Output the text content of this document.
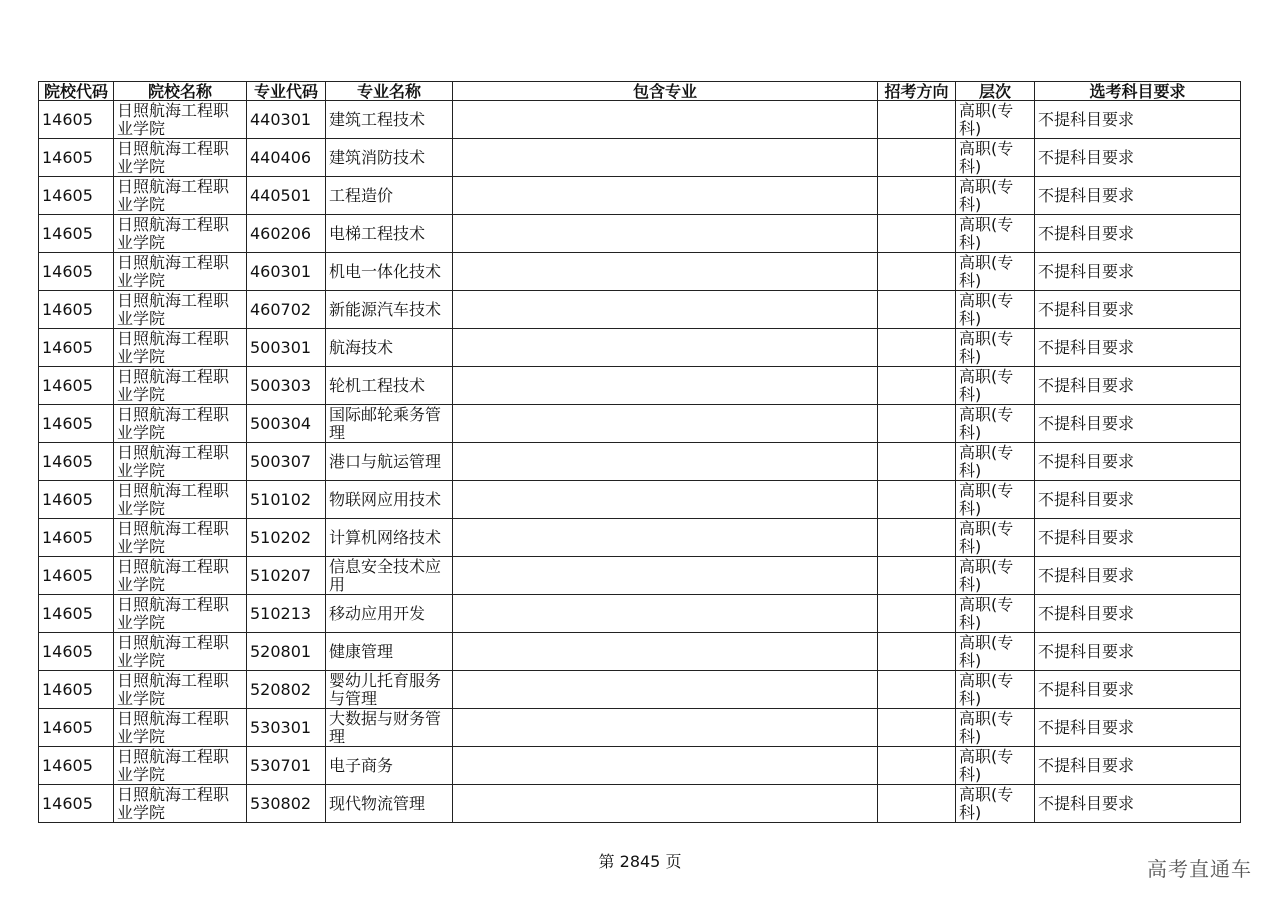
院校代码	院校名称	专业代码	专业名称	包含专业	招考方向	层次	选考科目要求
14605	日照航海工程职业学院	440301	建筑工程技术			高职(专科)	不提科目要求
14605	日照航海工程职业学院	440406	建筑消防技术			高职(专科)	不提科目要求
14605	日照航海工程职业学院	440501	工程造价			高职(专科)	不提科目要求
14605	日照航海工程职业学院	460206	电梯工程技术			高职(专科)	不提科目要求
14605	日照航海工程职业学院	460301	机电一体化技术			高职(专科)	不提科目要求
14605	日照航海工程职业学院	460702	新能源汽车技术			高职(专科)	不提科目要求
14605	日照航海工程职业学院	500301	航海技术			高职(专科)	不提科目要求
14605	日照航海工程职业学院	500303	轮机工程技术			高职(专科)	不提科目要求
14605	日照航海工程职业学院	500304	国际邮轮乘务管理			高职(专科)	不提科目要求
14605	日照航海工程职业学院	500307	港口与航运管理			高职(专科)	不提科目要求
14605	日照航海工程职业学院	510102	物联网应用技术			高职(专科)	不提科目要求
14605	日照航海工程职业学院	510202	计算机网络技术			高职(专科)	不提科目要求
14605	日照航海工程职业学院	510207	信息安全技术应用			高职(专科)	不提科目要求
14605	日照航海工程职业学院	510213	移动应用开发			高职(专科)	不提科目要求
14605	日照航海工程职业学院	520801	健康管理			高职(专科)	不提科目要求
14605	日照航海工程职业学院	520802	婴幼儿托育服务与管理			高职(专科)	不提科目要求
14605	日照航海工程职业学院	530301	大数据与财务管理			高职(专科)	不提科目要求
14605	日照航海工程职业学院	530701	电子商务			高职(专科)	不提科目要求
14605	日照航海工程职业学院	530802	现代物流管理			高职(专科)	不提科目要求
第 2845 页	高考直通车
